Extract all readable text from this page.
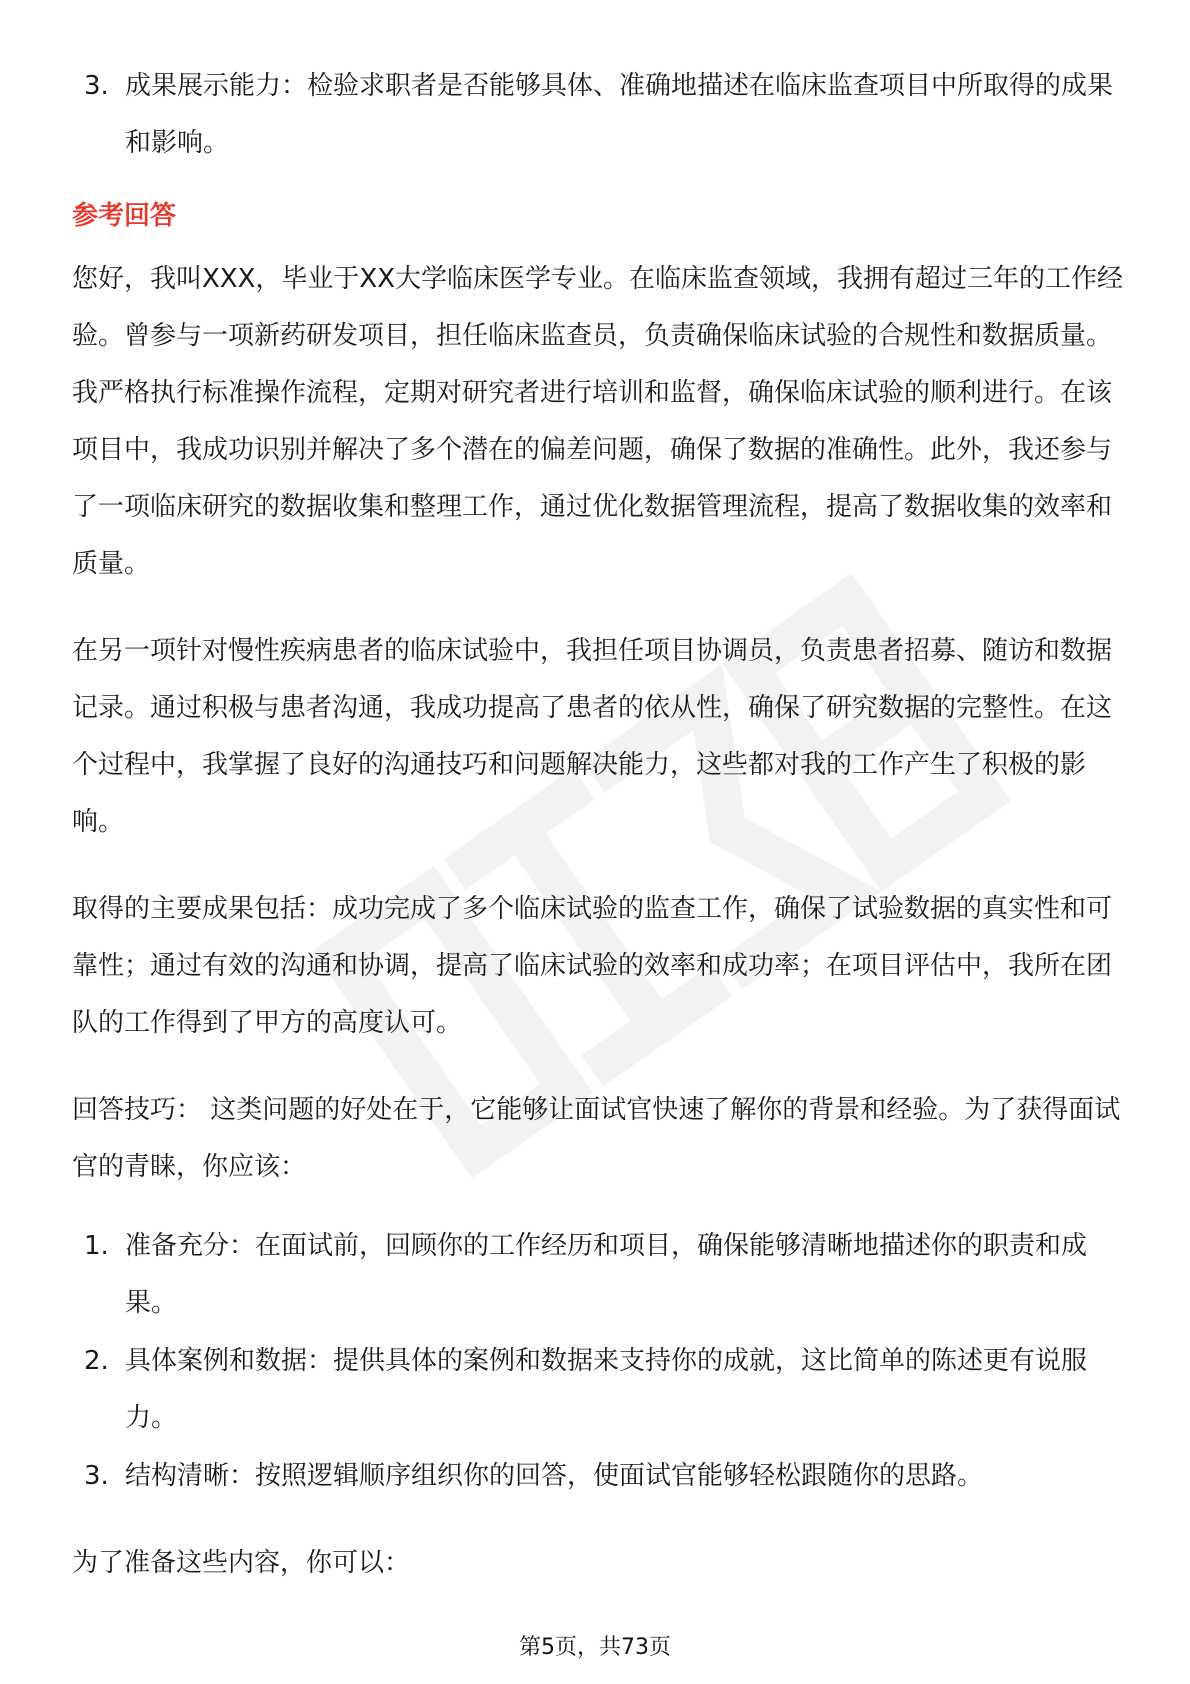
3. 成果展示能力：检验求职者是否能够具体、准确地描述在临床监查项目中所取得的成果和影响。
参考回答
您好，我叫XXX，毕业于XX大学临床医学专业。在临床监查领域，我拥有超过三年的工作经验。曾参与一项新药研发项目，担任临床监查员，负责确保临床试验的合规性和数据质量。我严格执行标准操作流程，定期对研究者进行培训和监督，确保临床试验的顺利进行。在该项目中，我成功识别并解决了多个潜在的偏差问题，确保了数据的准确性。此外，我还参与了一项临床研究的数据收集和整理工作，通过优化数据管理流程，提高了数据收集的效率和质量。
在另一项针对慢性疾病患者的临床试验中，我担任项目协调员，负责患者招募、随访和数据记录。通过积极与患者沟通，我成功提高了患者的依从性，确保了研究数据的完整性。在这个过程中，我掌握了良好的沟通技巧和问题解决能力，这些都对我的工作产生了积极的影响。
取得的主要成果包括：成功完成了多个临床试验的监查工作，确保了试验数据的真实性和可靠性；通过有效的沟通和协调，提高了临床试验的效率和成功率；在项目评估中，我所在团队的工作得到了甲方的高度认可。
回答技巧： 这类问题的好处在于，它能够让面试官快速了解你的背景和经验。为了获得面试官的青睐，你应该：
1. 准备充分：在面试前，回顾你的工作经历和项目，确保能够清晰地描述你的职责和成果。
2. 具体案例和数据：提供具体的案例和数据来支持你的成就，这比简单的陈述更有说服力。
3. 结构清晰：按照逻辑顺序组织你的回答，使面试官能够轻松跟随你的思路。
为了准备这些内容，你可以：
第5页，共73页
